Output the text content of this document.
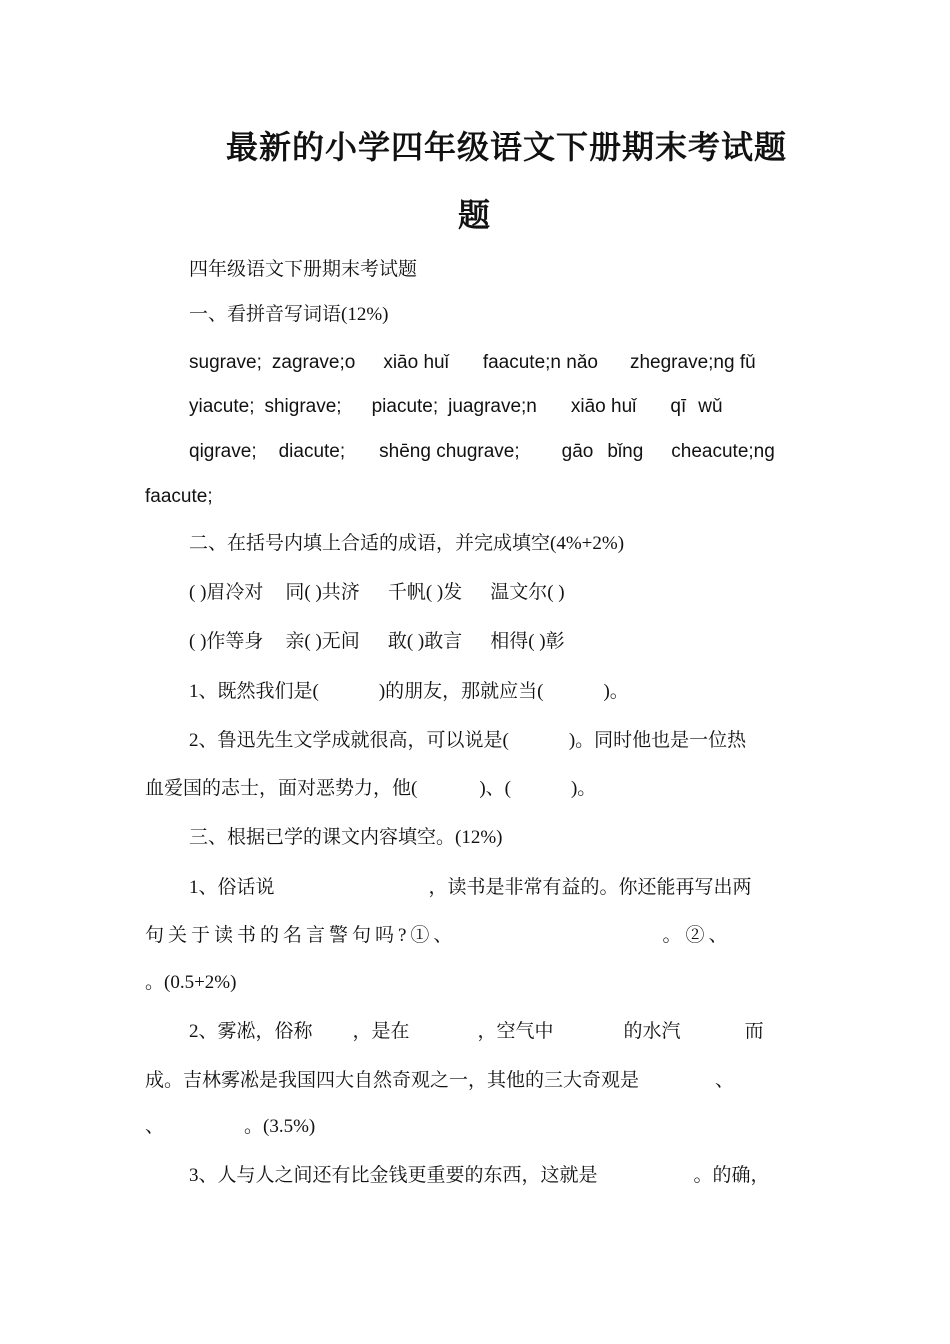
最新的小学四年级语文下册期末考试题
题
四年级语文下册期末考试题
一、看拼音写词语(12%)
sugrave; zagrave;o xiāo huǐ faacute;n nǎo zhegrave;ng fǔ
yiacute; shigrave; piacute; juagrave;n xiāo huǐ qī wǔ
qigrave; diacute; shēng chugrave; gāo bǐng cheacute;ng
faacute;
二、在括号内填上合适的成语，并完成填空(4%+2%)
( )眉冷对 同( )共济 千帆( )发 温文尔( )
( )作等身 亲( )无间 敢( )敢言 相得( )彰
1、既然我们是(	)的朋友，那就应当(	)。
2、鲁迅先生文学成就很高，可以说是(	)。同时他也是一位热
血爱国的志士，面对恶势力，他(	)、(	)。
三、根据已学的课文内容填空。(12%)
1、俗话说	，读书是非常有益的。你还能再写出两
句关于读书的名言警句吗?①、	。②、
。(0.5+2%)
2、雾凇，俗称 ，是在	，空气中	的水汽	而
成。吉林雾凇是我国四大自然奇观之一，其他的三大奇观是	、
、	。(3.5%)
3、人与人之间还有比金钱更重要的东西，这就是	。的确，
